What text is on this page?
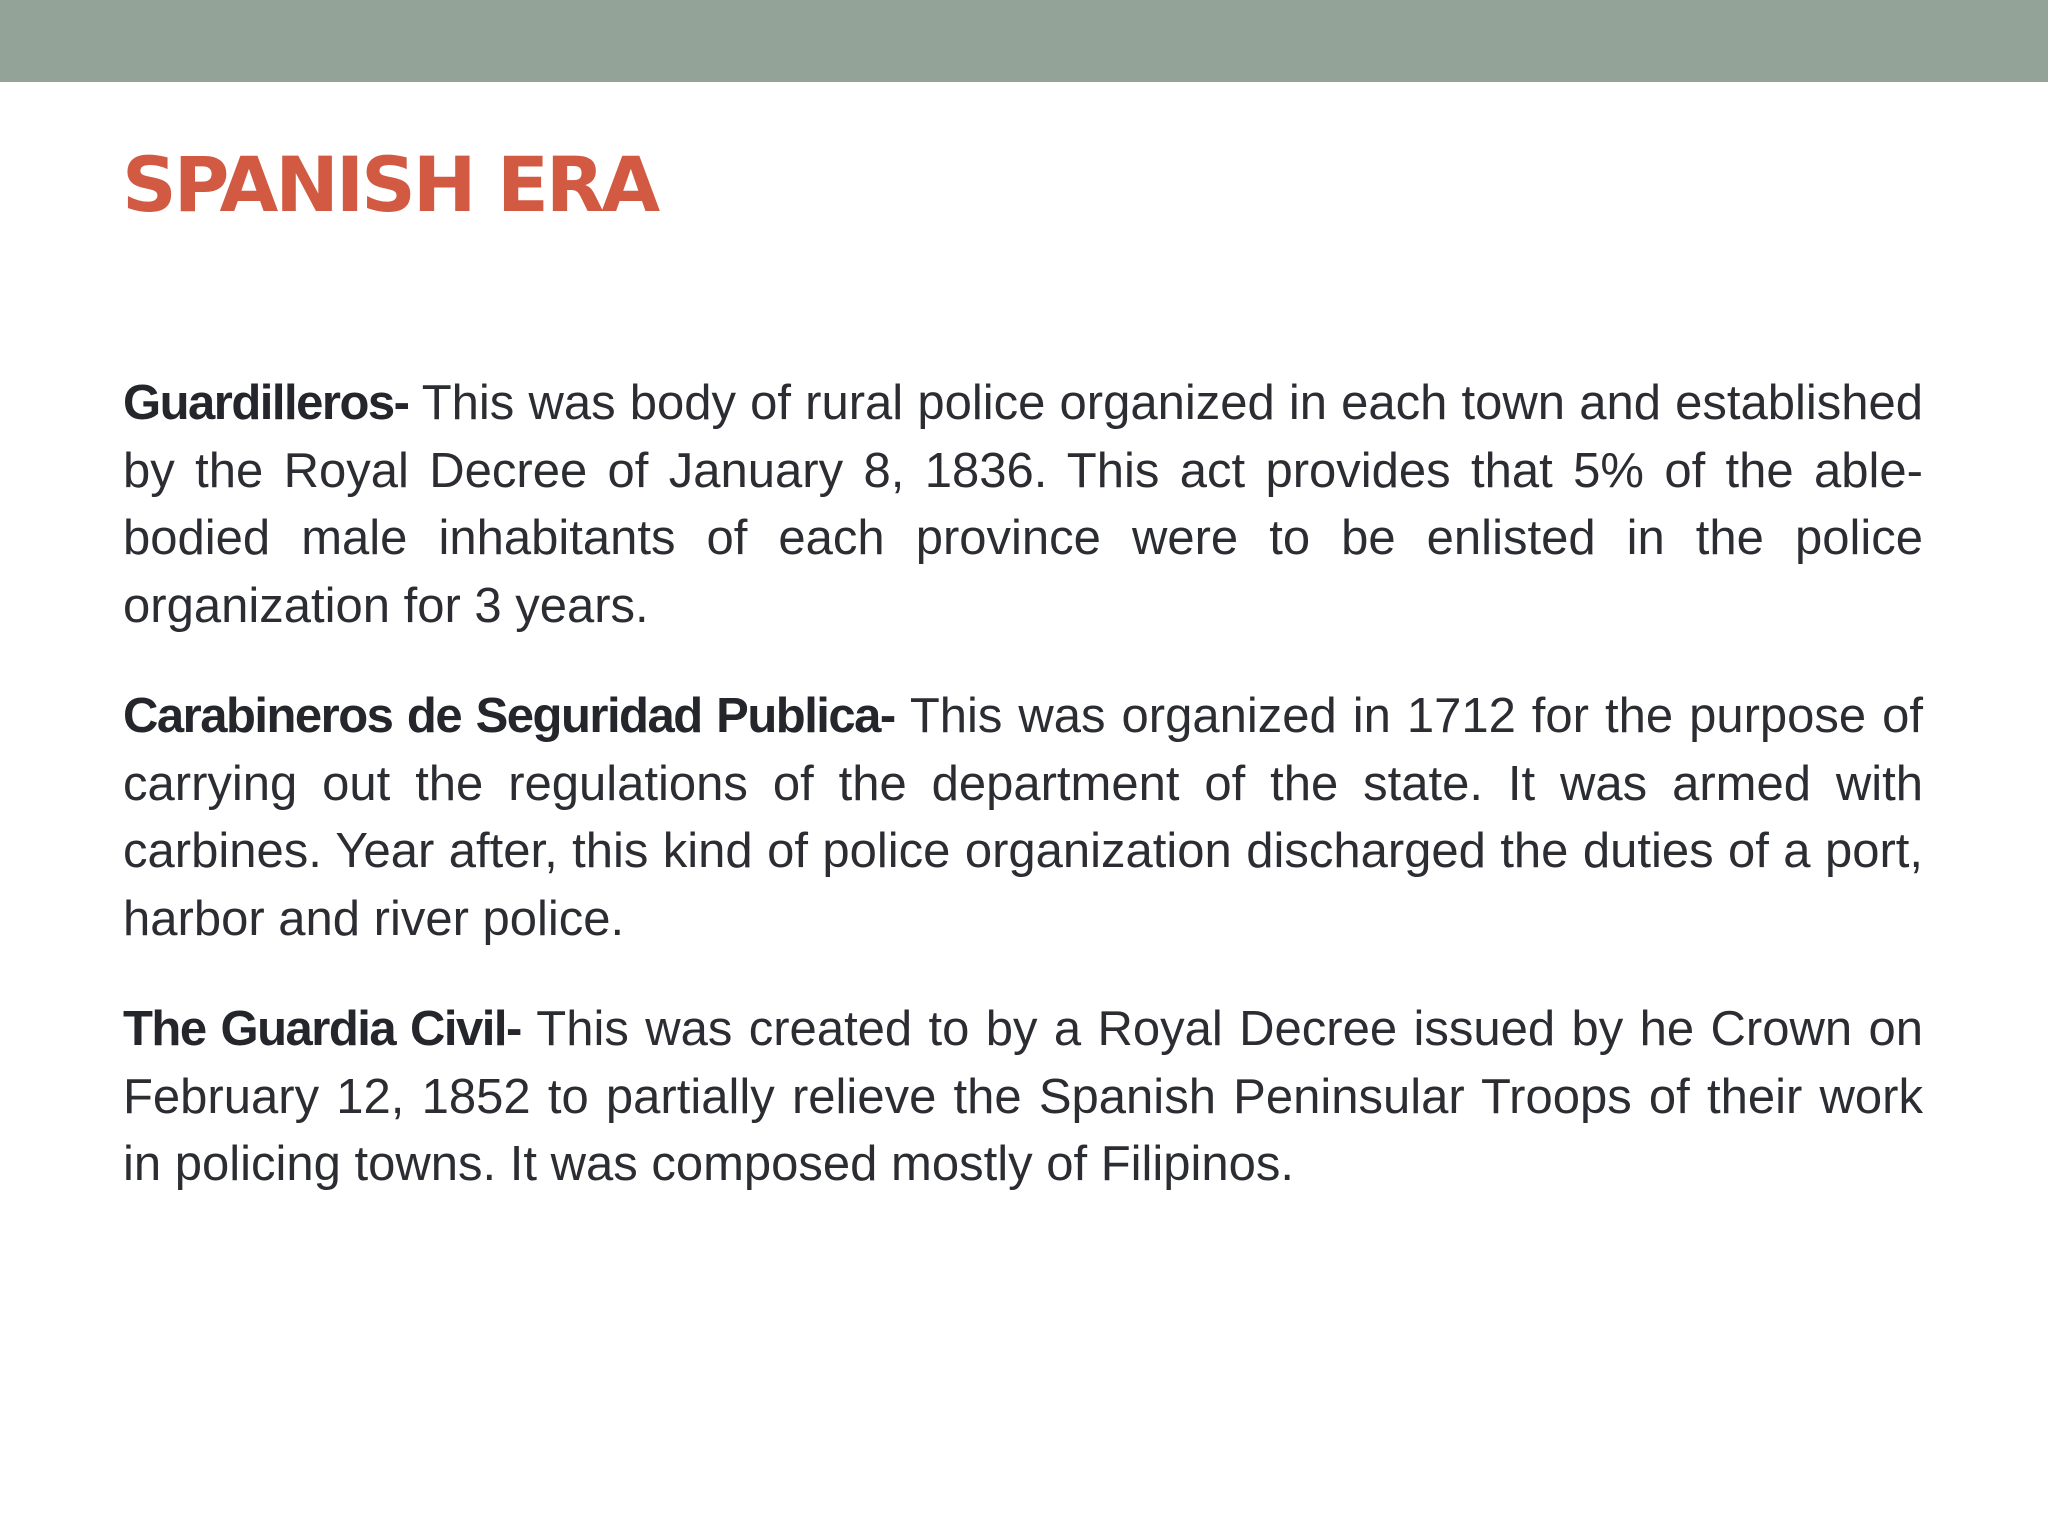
SPANISH ERA

Guardilleros- This was body of rural police organized in each town and established by the Royal Decree of January 8, 1836. This act provides that 5% of the able-bodied male inhabitants of each province were to be enlisted in the police organization for 3 years.

Carabineros de Seguridad Publica- This was organized in 1712 for the purpose of carrying out the regulations of the department of the state. It was armed with carbines. Year after, this kind of police organization discharged the duties of a port, harbor and river police.

The Guardia Civil- This was created to by a Royal Decree issued by he Crown on February 12, 1852 to partially relieve the Spanish Peninsular Troops of their work in policing towns. It was composed mostly of Filipinos.
